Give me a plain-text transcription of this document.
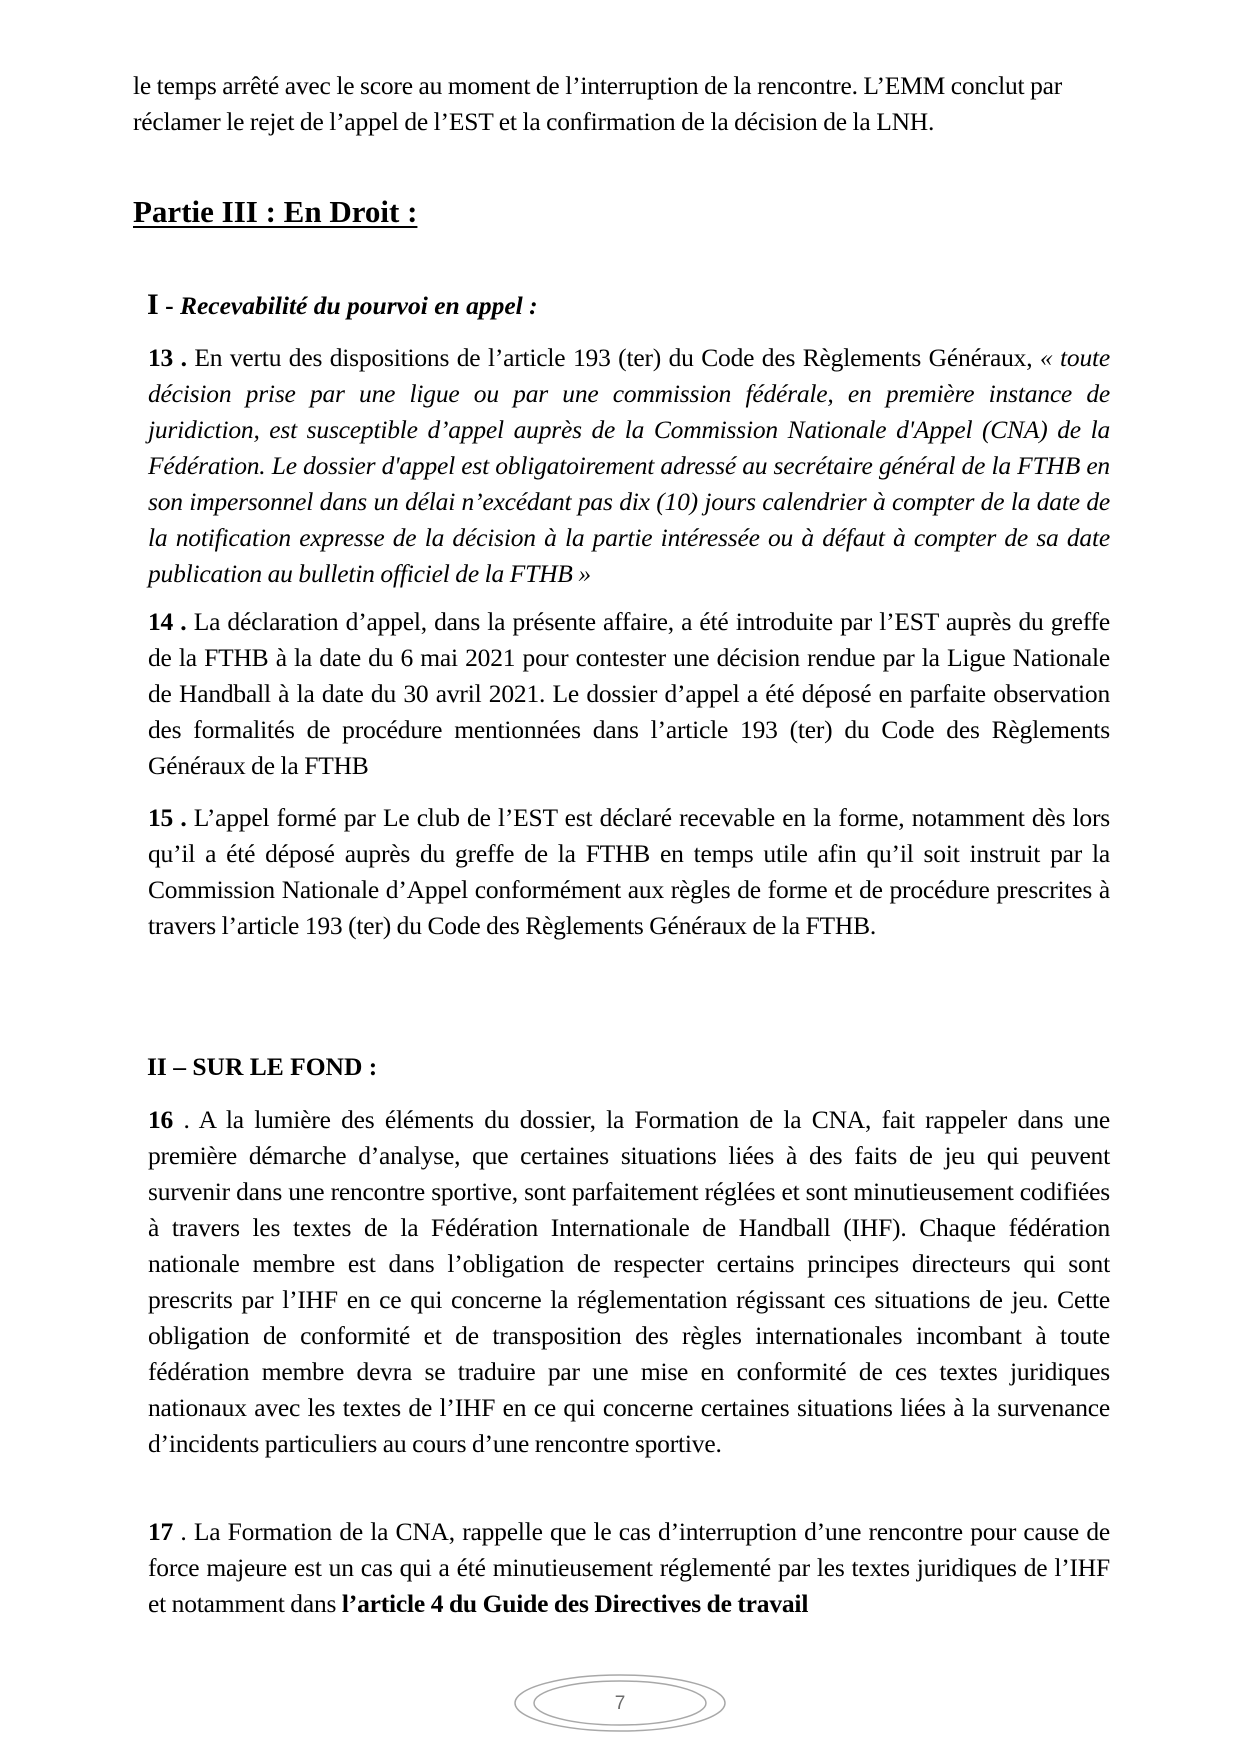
le temps arrêté avec le score au moment de l’interruption de la rencontre. L’EMM conclut par réclamer le rejet de l’appel de l’EST et la confirmation de la décision de la LNH.

Partie III : En Droit :
I - Recevabilité du pourvoi en appel :

13 . En vertu des dispositions de l’article 193 (ter) du Code des Règlements Généraux, « toute décision prise par une ligue ou par une commission fédérale, en première instance de juridiction, est susceptible d’appel auprès de la Commission Nationale d'Appel (CNA) de la Fédération. Le dossier d'appel est obligatoirement adressé au secrétaire général de la FTHB en son impersonnel dans un délai n’excédant pas dix (10) jours calendrier à compter de la date de la notification expresse de la décision à la partie intéressée ou à défaut à compter de sa date publication au bulletin officiel de la FTHB »

14 . La déclaration d’appel, dans la présente affaire, a été introduite par l’EST auprès du greffe de la FTHB à la date du 6 mai 2021 pour contester une décision rendue par la Ligue Nationale de Handball à la date du 30 avril 2021. Le dossier d’appel a été déposé en parfaite observation des formalités de procédure mentionnées dans l’article 193 (ter) du Code des Règlements Généraux de la FTHB

15 . L’appel formé par Le club de l’EST est déclaré recevable en la forme, notamment dès lors qu’il a été déposé auprès du greffe de la FTHB en temps utile afin qu’il soit instruit par la Commission Nationale d’Appel conformément aux règles de forme et de procédure prescrites à travers l’article 193 (ter) du Code des Règlements Généraux de la FTHB.

II – SUR LE FOND :

16 . A la lumière des éléments du dossier, la Formation de la CNA, fait rappeler dans une première démarche d’analyse, que certaines situations liées à des faits de jeu qui peuvent survenir dans une rencontre sportive, sont parfaitement réglées et sont minutieusement codifiées à travers les textes de la Fédération Internationale de Handball (IHF). Chaque fédération nationale membre est dans l’obligation de respecter certains principes directeurs qui sont prescrits par l’IHF en ce qui concerne la réglementation régissant ces situations de jeu. Cette obligation de conformité et de transposition des règles internationales incombant à toute fédération membre devra se traduire par une mise en conformité de ces textes juridiques nationaux avec les textes de l’IHF en ce qui concerne certaines situations liées à la survenance d’incidents particuliers au cours d’une rencontre sportive.

17 . La Formation de la CNA, rappelle que le cas d’interruption d’une rencontre pour cause de force majeure est un cas qui a été minutieusement réglementé par les textes juridiques de l’IHF et notamment dans l’article 4 du Guide des Directives de travail

7
